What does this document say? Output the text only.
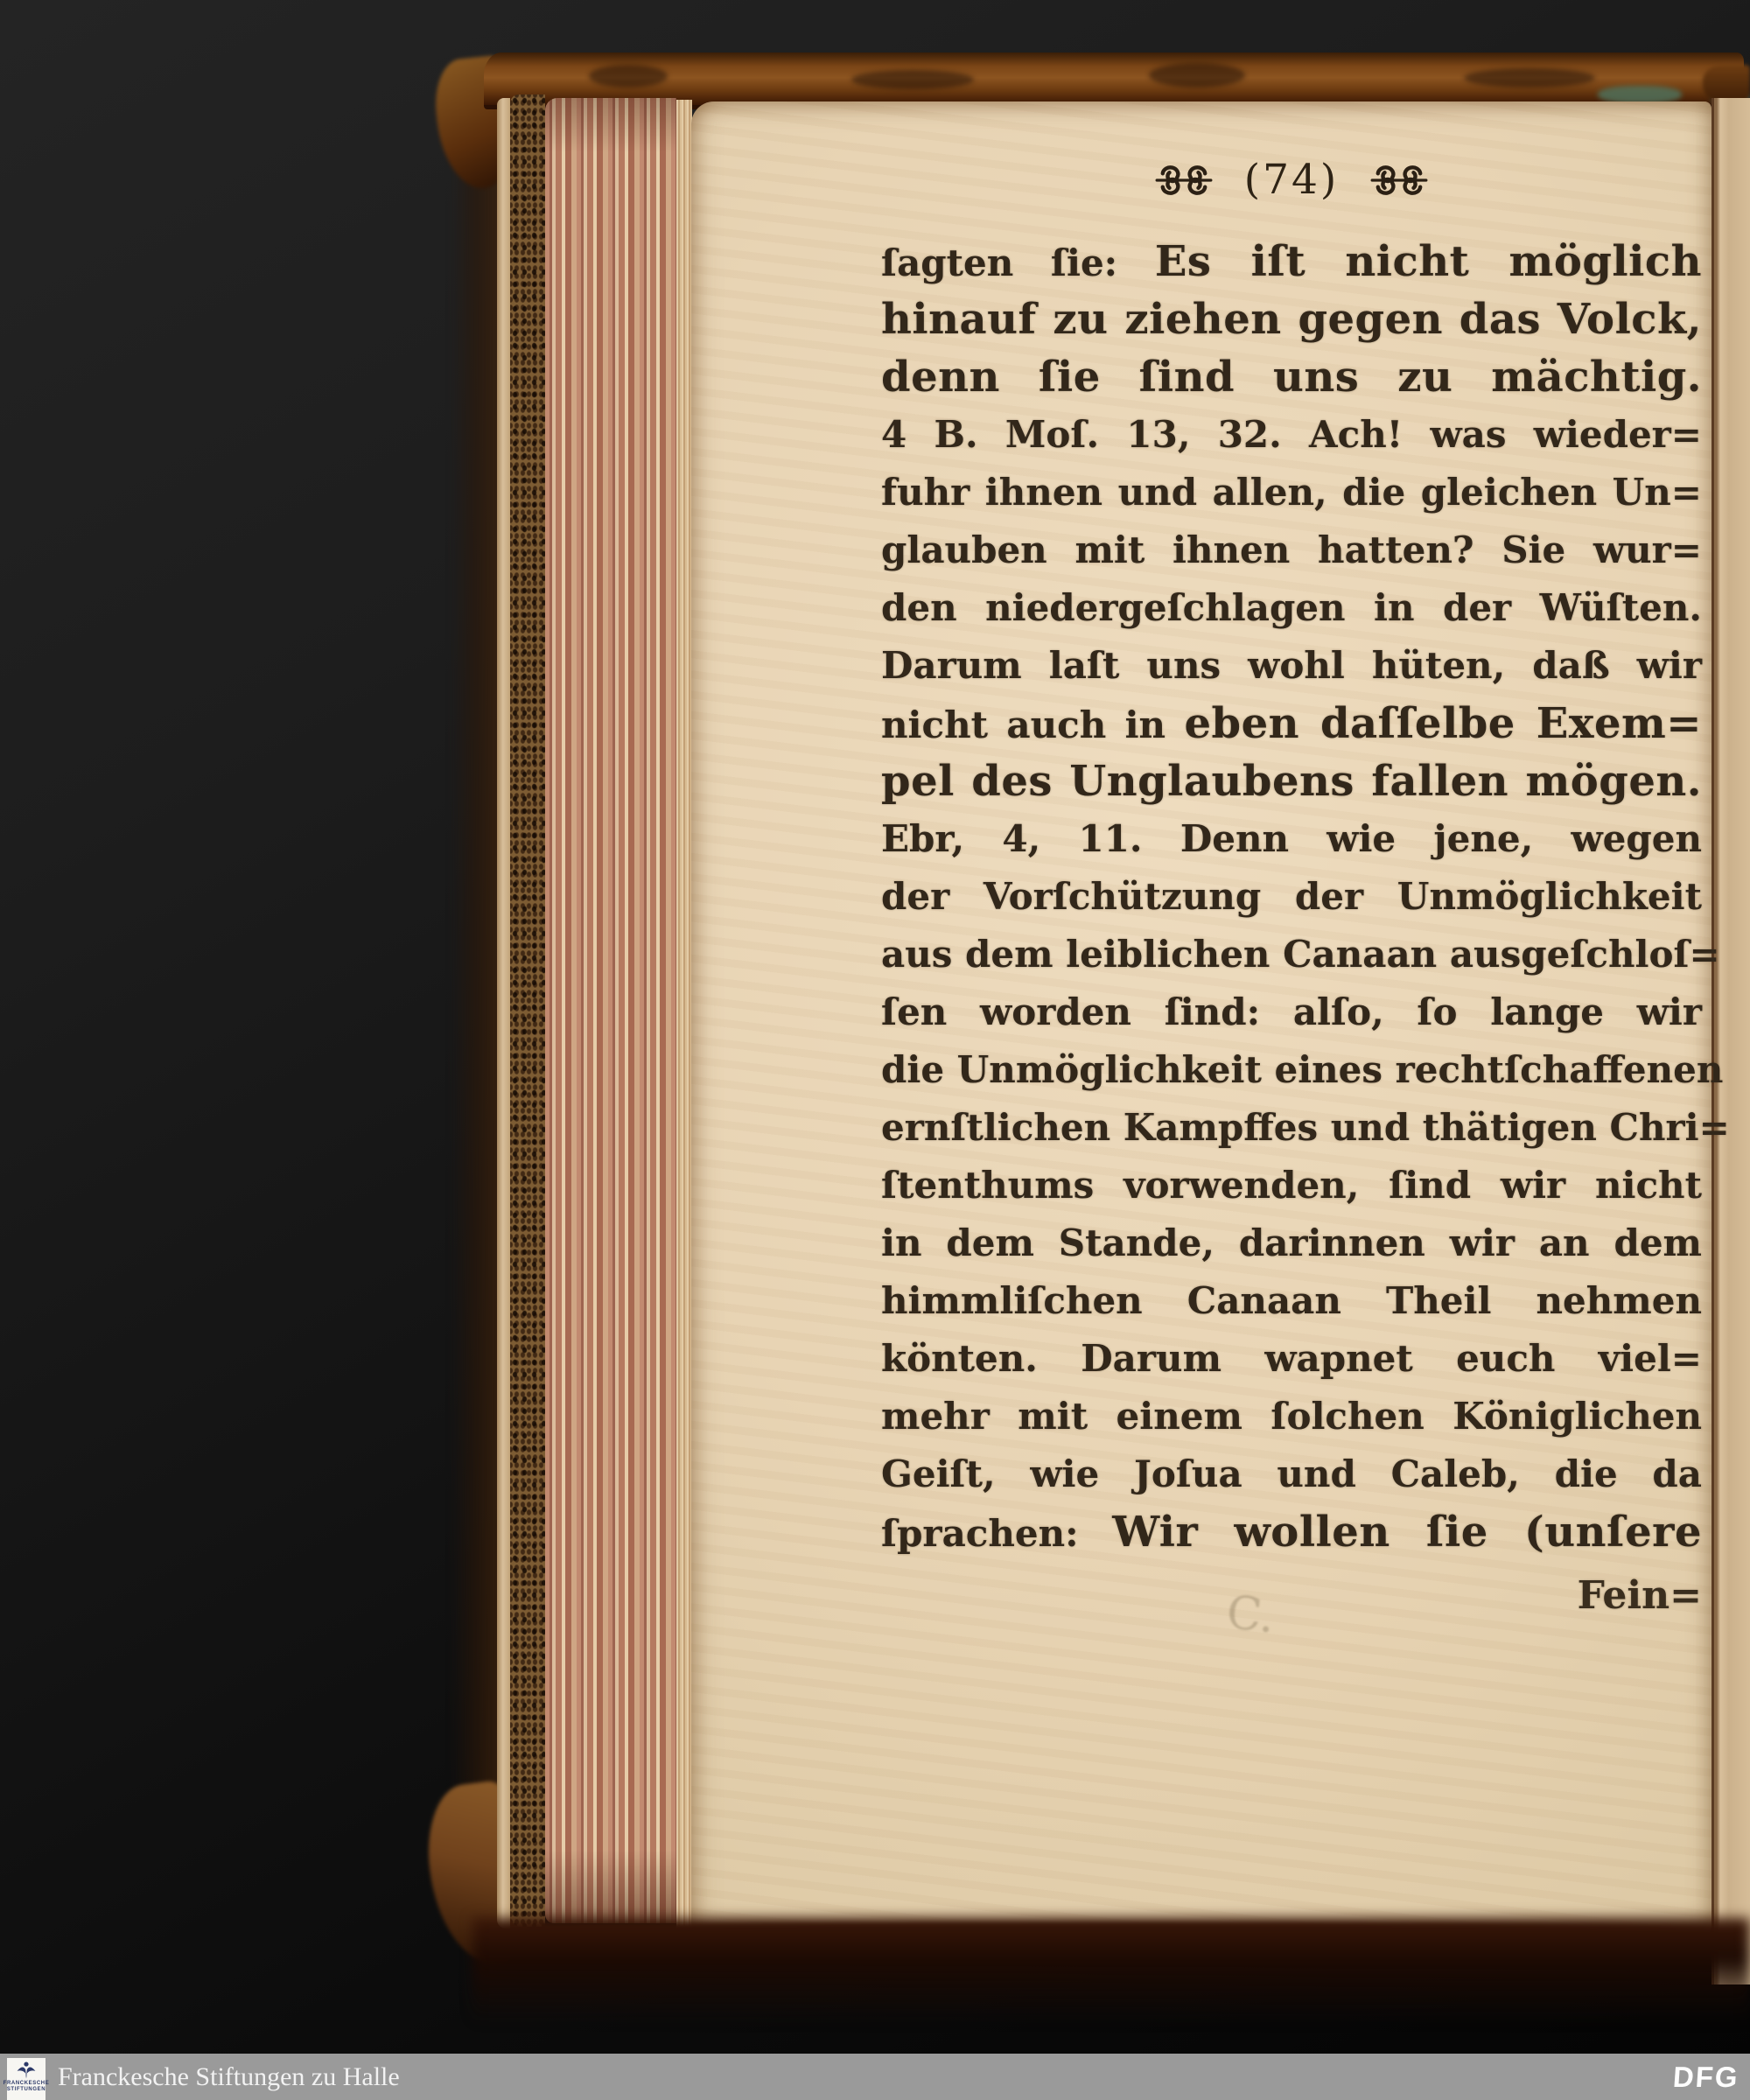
(74)
ſagten ſie: Es iſt nicht möglich
hinauf zu ziehen gegen das Volck,
denn ſie ſind uns zu mächtig.
4 B. Moſ. 13, 32. Ach! was wieder=
fuhr ihnen und allen, die gleichen Un=
glauben mit ihnen hatten? Sie wur=
den niedergeſchlagen in der Wüſten.
Darum laſt uns wohl hüten, daß wir
nicht auch in eben daſſelbe Exem=
pel des Unglaubens fallen mögen.
Ebr, 4, 11. Denn wie jene, wegen
der Vorſchützung der Unmöglichkeit
aus dem leiblichen Canaan ausgeſchloſ=
ſen worden ſind: alſo, ſo lange wir
die Unmöglichkeit eines rechtſchaffenen
ernſtlichen Kampffes und thätigen Chri=
ſtenthums vorwenden, ſind wir nicht
in dem Stande, darinnen wir an dem
himmliſchen Canaan Theil nehmen
könten. Darum wapnet euch viel=
mehr mit einem ſolchen Königlichen
Geiſt, wie Joſua und Caleb, die da
ſprachen: Wir wollen ſie (unſere
Fein=
C.
FRANCKESCHE
STIFTUNGEN Franckesche Stiftungen zu Halle	DFG
